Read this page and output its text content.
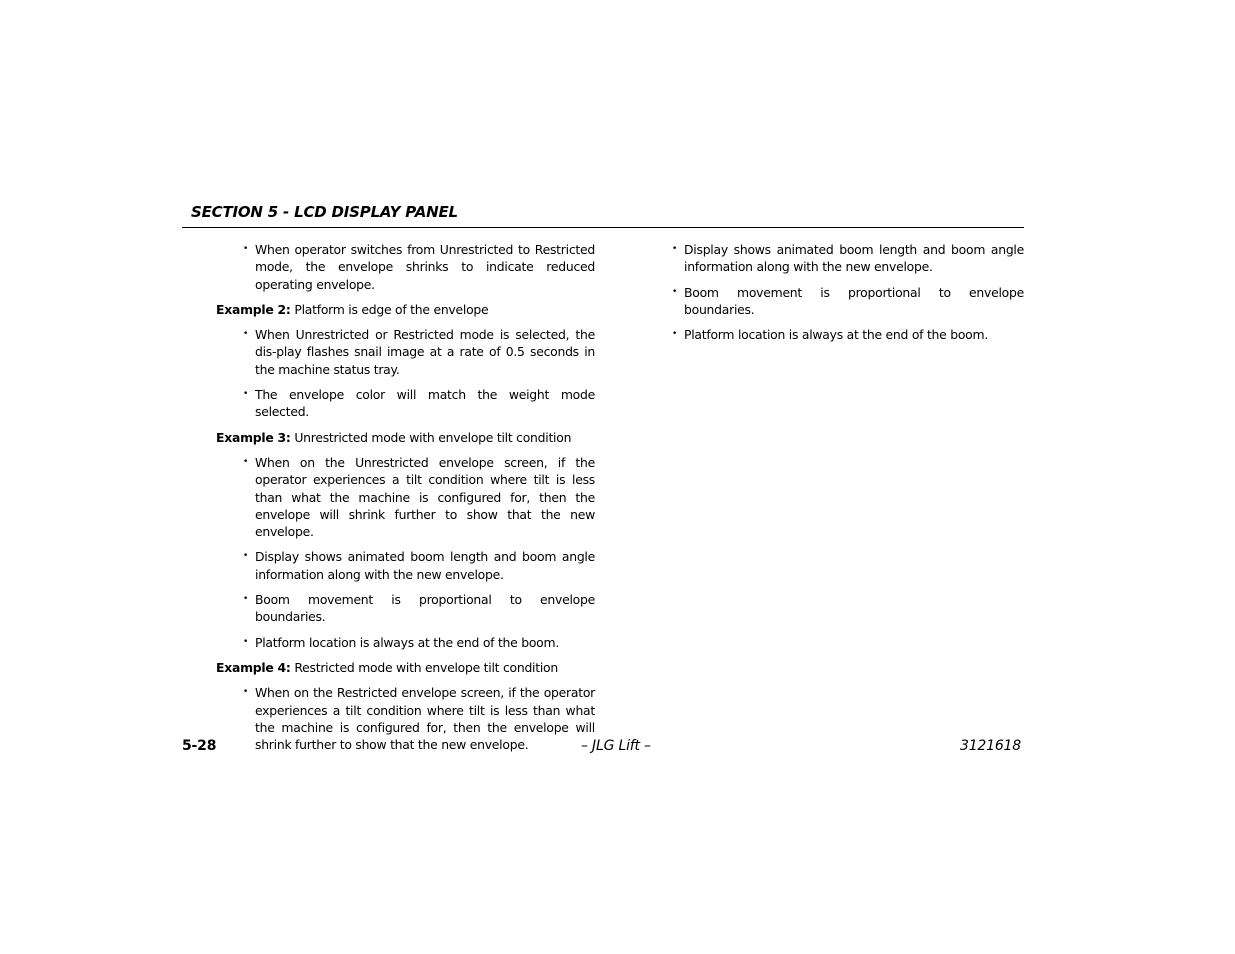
SECTION 5 - LCD DISPLAY PANEL
• When operator switches from Unrestricted to Restricted mode, the envelope shrinks to indicate reduced operating envelope.
Example 2: Platform is edge of the envelope
• When Unrestricted or Restricted mode is selected, the dis-play flashes snail image at a rate of 0.5 seconds in the machine status tray.
• The envelope color will match the weight mode selected.
Example 3: Unrestricted mode with envelope tilt condition
• When on the Unrestricted envelope screen, if the operator experiences a tilt condition where tilt is less than what the machine is configured for, then the envelope will shrink further to show that the new envelope.
• Display shows animated boom length and boom angle information along with the new envelope.
• Boom movement is proportional to envelope boundaries.
• Platform location is always at the end of the boom.
Example 4: Restricted mode with envelope tilt condition
• When on the Restricted envelope screen, if the operator experiences a tilt condition where tilt is less than what the machine is configured for, then the envelope will shrink further to show that the new envelope.
• Display shows animated boom length and boom angle information along with the new envelope.
• Boom movement is proportional to envelope boundaries.
• Platform location is always at the end of the boom.
5-28	– JLG Lift –	3121618
